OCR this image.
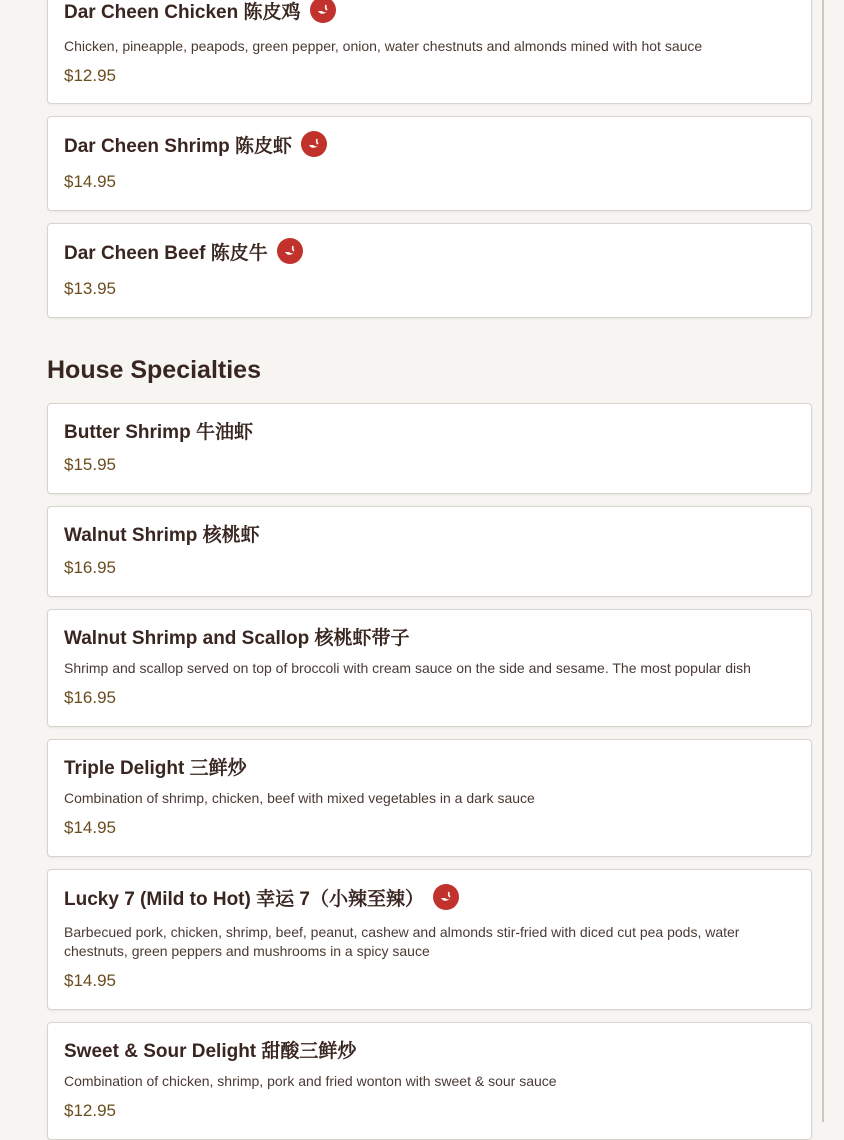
Dar Cheen Chicken 陈皮鸡
Chicken, pineapple, peapods, green pepper, onion, water chestnuts and almonds mined with hot sauce
$12.95
Dar Cheen Shrimp 陈皮虾
$14.95
Dar Cheen Beef 陈皮牛
$13.95
House Specialties
Butter Shrimp 牛油虾
$15.95
Walnut Shrimp 核桃虾
$16.95
Walnut Shrimp and Scallop 核桃虾带子
Shrimp and scallop served on top of broccoli with cream sauce on the side and sesame. The most popular dish
$16.95
Triple Delight 三鲜炒
Combination of shrimp, chicken, beef with mixed vegetables in a dark sauce
$14.95
Lucky 7 (Mild to Hot) 幸运 7（小辣至辣）
Barbecued pork, chicken, shrimp, beef, peanut, cashew and almonds stir-fried with diced cut pea pods, water chestnuts, green peppers and mushrooms in a spicy sauce
$14.95
Sweet & Sour Delight 甜酸三鲜炒
Combination of chicken, shrimp, pork and fried wonton with sweet & sour sauce
$12.95
